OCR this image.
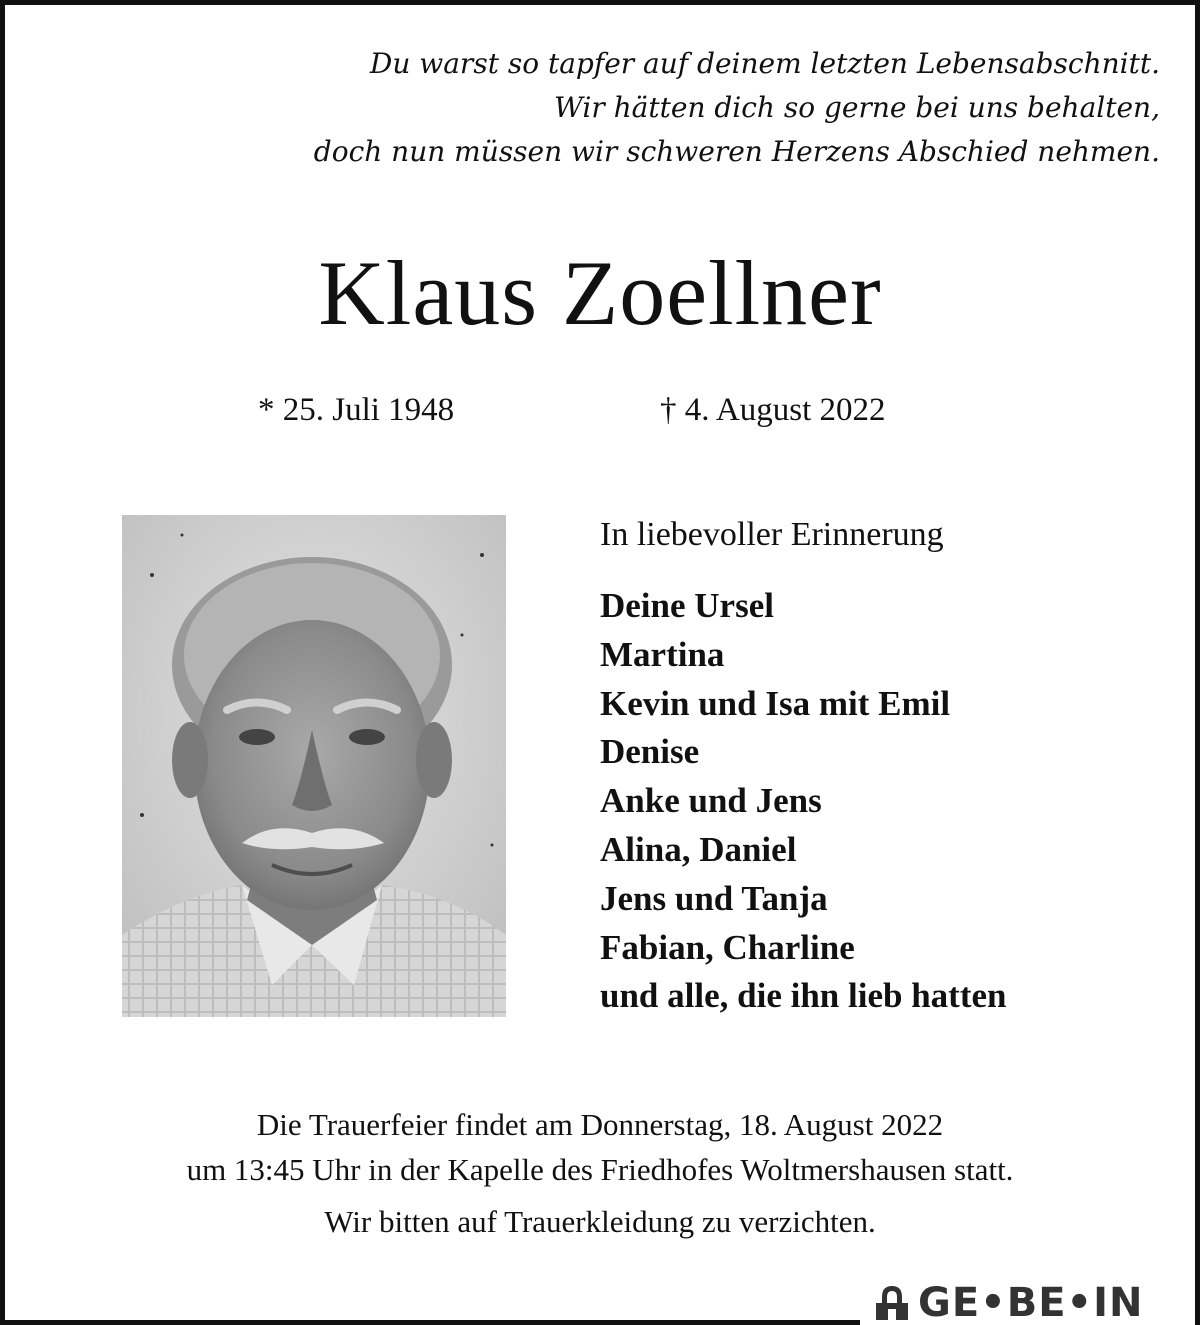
Du warst so tapfer auf deinem letzten Lebensabschnitt.
Wir hätten dich so gerne bei uns behalten,
doch nun müssen wir schweren Herzens Abschied nehmen.
Klaus Zoellner
* 25. Juli 1948	† 4. August 2022
In liebevoller Erinnerung
Deine Ursel
Martina
Kevin und Isa mit Emil
Denise
Anke und Jens
Alina, Daniel
Jens und Tanja
Fabian, Charline
und alle, die ihn lieb hatten
Die Trauerfeier findet am Donnerstag, 18. August 2022
um 13:45 Uhr in der Kapelle des Friedhofes Woltmershausen statt.
Wir bitten auf Trauerkleidung zu verzichten.
GE•BE•IN
